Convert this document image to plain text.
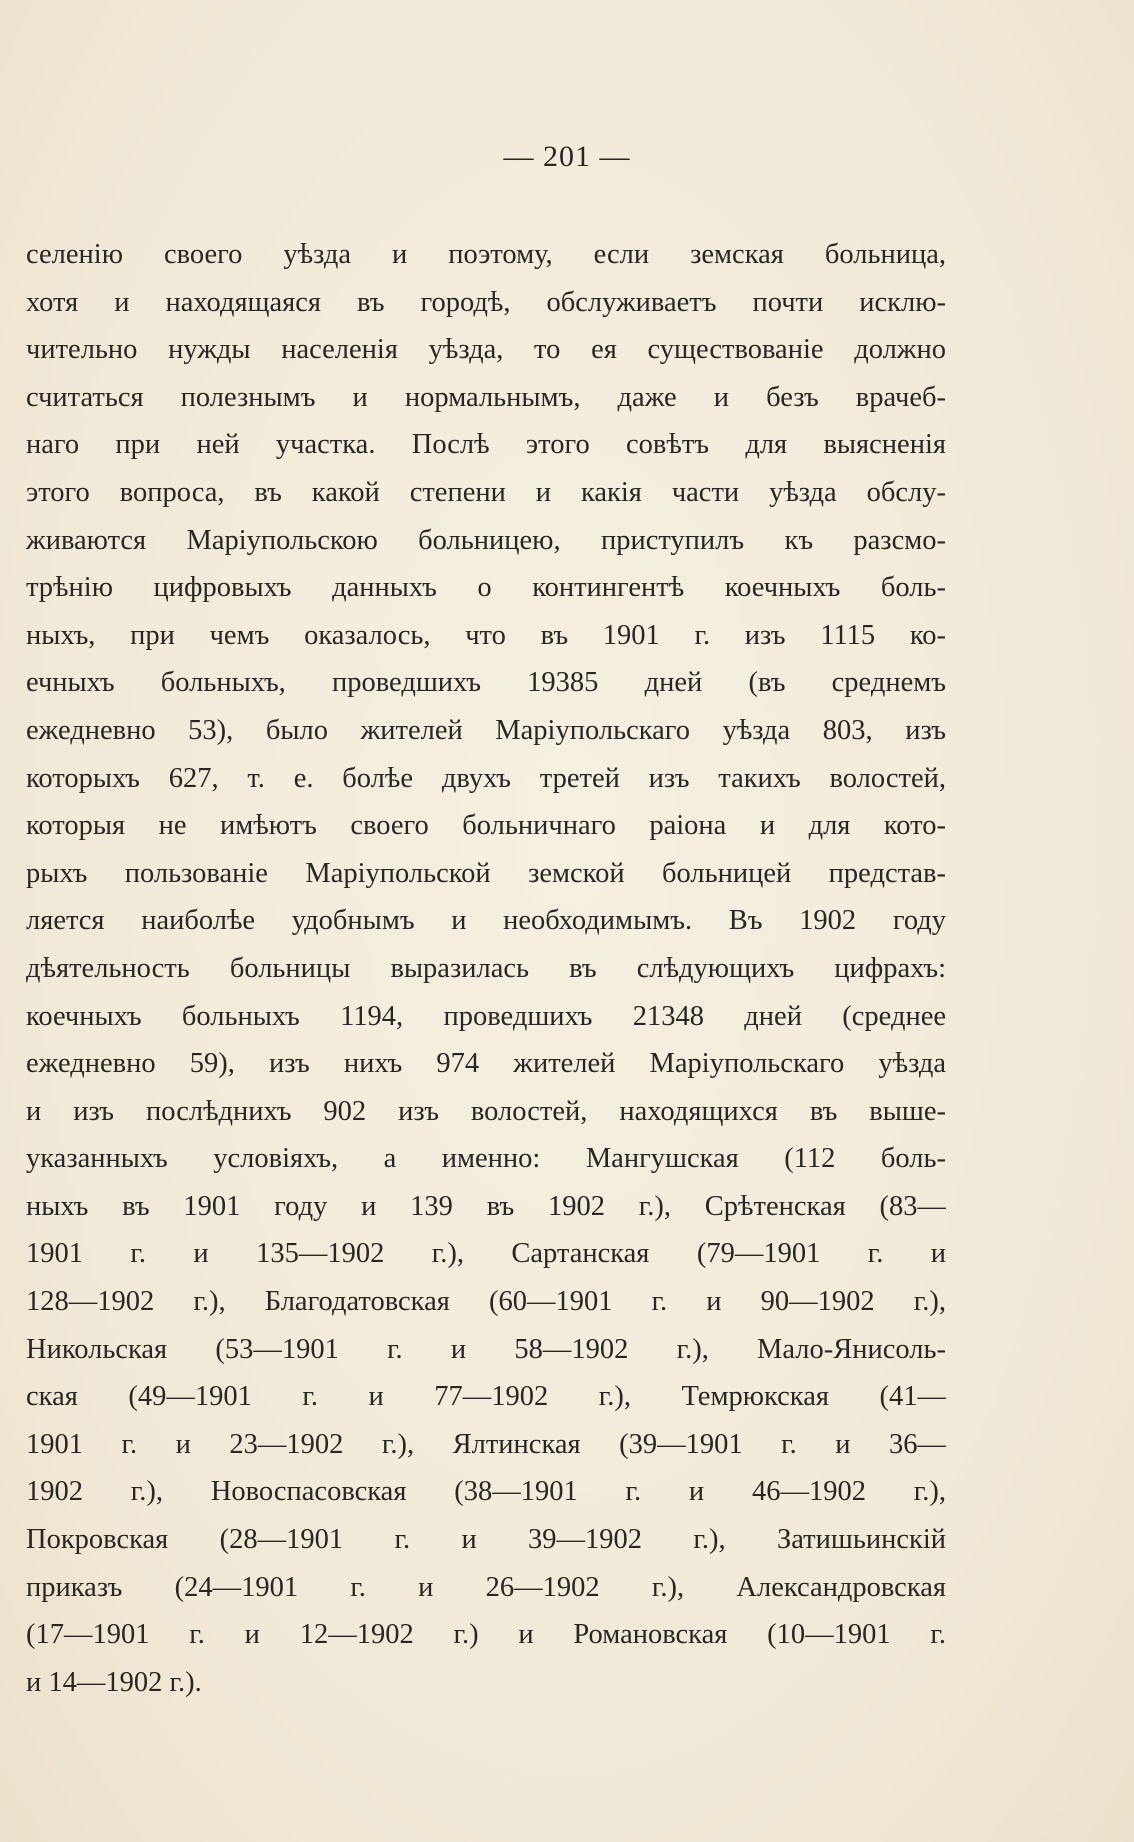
— 201 —
селенію своего уѣзда и поэтому, если земская больница,
хотя и находящаяся въ городѣ, обслуживаетъ почти исклю-
чительно нужды населенія уѣзда, то ея существованіе должно
считаться полезнымъ и нормальнымъ, даже и безъ врачеб-
наго при ней участка. Послѣ этого совѣтъ для выясненія
этого вопроса, въ какой степени и какія части уѣзда обслу-
живаются Маріупольскою больницею, приступилъ къ разсмо-
трѣнію цифровыхъ данныхъ о контингентѣ коечныхъ боль-
ныхъ, при чемъ оказалось, что въ 1901 г. изъ 1115 ко-
ечныхъ больныхъ, проведшихъ 19385 дней (въ среднемъ
ежедневно 53), было жителей Маріупольскаго уѣзда 803, изъ
которыхъ 627, т. е. болѣе двухъ третей изъ такихъ волостей,
которыя не имѣютъ своего больничнаго раіона и для кото-
рыхъ пользованіе Маріупольской земской больницей представ-
ляется наиболѣе удобнымъ и необходимымъ. Въ 1902 году
дѣятельность больницы выразилась въ слѣдующихъ цифрахъ:
коечныхъ больныхъ 1194, проведшихъ 21348 дней (среднее
ежедневно 59), изъ нихъ 974 жителей Маріупольскаго уѣзда
и изъ послѣднихъ 902 изъ волостей, находящихся въ выше-
указанныхъ условіяхъ, а именно: Мангушская (112 боль-
ныхъ въ 1901 году и 139 въ 1902 г.), Срѣтенская (83—
1901 г. и 135—1902 г.), Сартанская (79—1901 г. и
128—1902 г.), Благодатовская (60—1901 г. и 90—1902 г.),
Никольская (53—1901 г. и 58—1902 г.), Мало-Янисоль-
ская (49—1901 г. и 77—1902 г.), Темрюкская (41—
1901 г. и 23—1902 г.), Ялтинская (39—1901 г. и 36—
1902 г.), Новоспасовская (38—1901 г. и 46—1902 г.),
Покровская (28—1901 г. и 39—1902 г.), Затишьинскій
приказъ (24—1901 г. и 26—1902 г.), Александровская
(17—1901 г. и 12—1902 г.) и Романовская (10—1901 г.
и 14—1902 г.).
